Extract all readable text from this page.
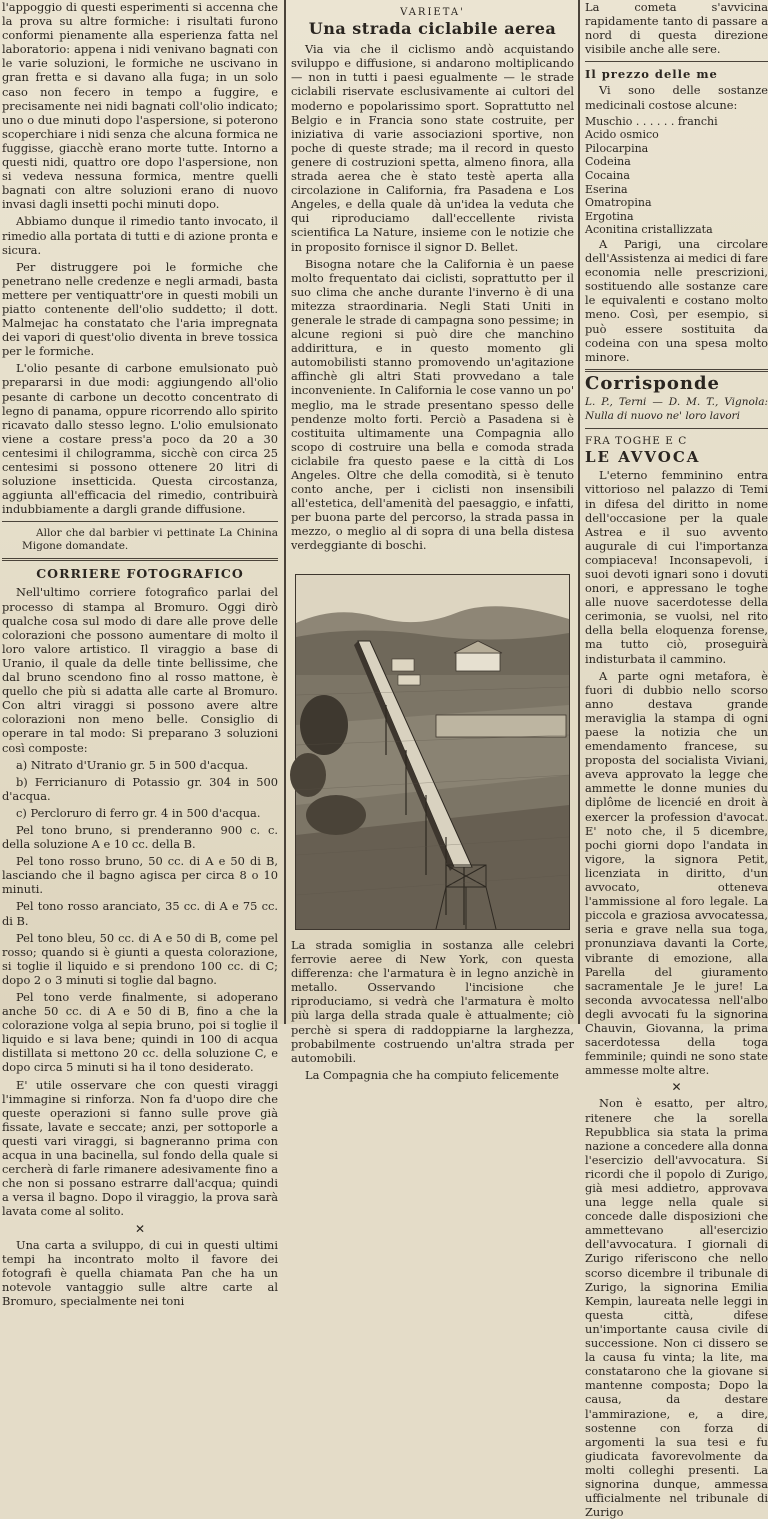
l'appoggio di questi esperimenti si accenna che la prova su altre formiche: i risultati furono conformi pienamente alla esperienza fatta nel laboratorio: appena i nidi venivano bagnati con le varie soluzioni, le formiche ne uscivano in gran fretta e si davano alla fuga; in un solo caso non fecero in tempo a fuggire, e precisamente nei nidi bagnati coll'olio indicato; uno o due minuti dopo l'aspersione, si poterono scoperchiare i nidi senza che alcuna formica ne fuggisse, giacchè erano morte tutte. Intorno a questi nidi, quattro ore dopo l'aspersione, non si vedeva nessuna formica, mentre quelli bagnati con altre soluzioni erano di nuovo invasi dagli insetti pochi minuti dopo.

Abbiamo dunque il rimedio tanto invocato, il rimedio alla portata di tutti e di azione pronta e sicura.

Per distruggere poi le formiche che penetrano nelle credenze e negli armadi, basta mettere per ventiquattr'ore in questi mobili un piatto contenente dell'olio suddetto; il dott. Malmejac ha constatato che l'aria impregnata dei vapori di quest'olio diventa in breve tossica per le formiche.

L'olio pesante di carbone emulsionato può prepararsi in due modi: aggiungendo all'olio pesante di carbone un decotto concentrato di legno di panama, oppure ricorrendo allo spirito ricavato dallo stesso legno. L'olio emulsionato viene a costare press'a poco da 20 a 30 centesimi il chilogramma, sicchè con circa 25 centesimi si possono ottenere 20 litri di soluzione insetticida. Questa circostanza, aggiunta all'efficacia del rimedio, contribuirà indubbiamente a dargli grande diffusione.

Allor che dal barbier vi pettinate La Chinina Migone domandate.

CORRIERE FOTOGRAFICO

Nell'ultimo corriere fotografico parlai del processo di stampa al Bromuro. Oggi dirò qualche cosa sul modo di dare alle prove delle colorazioni che possono aumentare di molto il loro valore artistico. Il viraggio a base di Uranio, il quale da delle tinte bellissime, che dal bruno scendono fino al rosso mattone, è quello che più si adatta alle carte al Bromuro. Con altri viraggi si possono avere altre colorazioni non meno belle. Consiglio di operare in tal modo: Si preparano 3 soluzioni così composte:

a) Nitrato d'Uranio gr. 5 in 500 d'acqua.

b) Ferricianuro di Potassio gr. 304 in 500 d'acqua.

c) Percloruro di ferro gr. 4 in 500 d'acqua.

Pel tono bruno, si prenderanno 900 c. c. della soluzione A e 10 cc. della B.

Pel tono rosso bruno, 50 cc. di A e 50 di B, lasciando che il bagno agisca per circa 8 o 10 minuti.

Pel tono rosso aranciato, 35 cc. di A e 75 cc. di B.

Pel tono bleu, 50 cc. di A e 50 di B, come pel rosso; quando si è giunti a questa colorazione, si toglie il liquido e si prendono 100 cc. di C; dopo 2 o 3 minuti si toglie dal bagno.

Pel tono verde finalmente, si adoperano anche 50 cc. di A e 50 di B, fino a che la colorazione volga al sepia bruno, poi si toglie il liquido e si lava bene; quindi in 100 di acqua distillata si mettono 20 cc. della soluzione C, e dopo circa 5 minuti si ha il tono desiderato.

E' utile osservare che con questi viraggi l'immagine si rinforza. Non fa d'uopo dire che queste operazioni si fanno sulle prove già fissate, lavate e seccate; anzi, per sottoporle a questi vari viraggi, si bagneranno prima con acqua in una bacinella, sul fondo della quale si cercherà di farle rimanere adesivamente fino a che non si possano estrarre dall'acqua; quindi a versa il bagno. Dopo il viraggio, la prova sarà lavata come al solito.

✕

Una carta a sviluppo, di cui in questi ultimi tempi ha incontrato molto il favore dei fotografi è quella chiamata Pan che ha un notevole vantaggio sulle altre carte al Bromuro, specialmente nei toni

VARIETA'
Una strada ciclabile aerea

Via via che il ciclismo andò acquistando sviluppo e diffusione, si andarono moltiplicando — non in tutti i paesi egualmente — le strade ciclabili riservate esclusivamente ai cultori del moderno e popolarissimo sport. Soprattutto nel Belgio e in Francia sono state costruite, per iniziativa di varie associazioni sportive, non poche di queste strade; ma il record in questo genere di costruzioni spetta, almeno finora, alla strada aerea che è stato testè aperta alla circolazione in California, fra Pasadena e Los Angeles, e della quale dà un'idea la veduta che qui riproduciamo dall'eccellente rivista scientifica La Nature, insieme con le notizie che in proposito fornisce il signor D. Bellet.

Bisogna notare che la California è un paese molto frequentato dai ciclisti, soprattutto per il suo clima che anche durante l'inverno è di una mitezza straordinaria. Negli Stati Uniti in generale le strade di campagna sono pessime; in alcune regioni si può dire che manchino addirittura, e in questo momento gli automobilisti stanno promovendo un'agitazione affinchè gli altri Stati provvedano a tale inconveniente. In California le cose vanno un po' meglio, ma le strade presentano spesso delle pendenze molto forti. Perciò a Pasadena si è costituita ultimamente una Compagnia allo scopo di costruire una bella e comoda strada ciclabile fra questo paese e la città di Los Angeles. Oltre che della comodità, si è tenuto conto anche, per i ciclisti non insensibili all'estetica, dell'amenità del paesaggio, e infatti, per buona parte del percorso, la strada passa in mezzo, o meglio al di sopra di una bella distesa verdeggiante di boschi.

La strada somiglia in sostanza alle celebri ferrovie aeree di New York, con questa differenza: che l'armatura è in legno anzichè in metallo. Osservando l'incisione che riproduciamo, si vedrà che l'armatura è molto più larga della strada quale è attualmente; ciò perchè si spera di raddoppiarne la larghezza, probabilmente costruendo un'altra strada per automobili.

La Compagnia che ha compiuto felicemente

La cometa s'avvicina rapidamente tanto di passare a nord di questa direzione visibile anche alle sere.

Il prezzo delle me

Vi sono delle sostanze medicinali costose alcune:

Muschio . . . . . . franchi
Acido osmico
Pilocarpina
Codeina
Cocaina
Eserina
Omatropina
Ergotina
Aconitina cristallizzata

A Parigi, una circolare dell'Assistenza ai medici di fare economia nelle prescrizioni, sostituendo alle sostanze care le equivalenti e costano molto meno. Così, per esempio, si può essere sostituita da codeina con una spesa molto minore.

Corrisponde

L. P., Terni — D. M. T., Vignola: Nulla di nuovo ne' loro lavori

FRA TOGHE E C
LE AVVOCA

L'eterno femminino entra vittorioso nel palazzo di Temi in difesa del diritto in nome dell'occasione per la quale Astrea e il suo avvento augurale di cui l'importanza compiaceva! Inconsapevoli, i suoi devoti ignari sono i dovuti onori, e appressano le toghe alle nuove sacerdotesse della cerimonia, se vuolsi, nel rito della bella eloquenza forense, ma tutto ciò, proseguirà indisturbata il cammino.

A parte ogni metafora, è fuori di dubbio nello scorso anno destava grande meraviglia la stampa di ogni paese la notizia che un emendamento francese, su proposta del socialista Viviani, aveva approvato la legge che ammette le donne munies du diplôme de licencié en droit à exercer la profession d'avocat. E' noto che, il 5 dicembre, pochi giorni dopo l'andata in vigore, la signora Petit, licenziata in diritto, d'un avvocato, otteneva l'ammissione al foro legale. La piccola e graziosa avvocatessa, seria e grave nella sua toga, pronunziava davanti la Corte, vibrante di emozione, alla Parella del giuramento sacramentale Je le jure! La seconda avvocatessa nell'albo degli avvocati fu la signorina Chauvin, Giovanna, la prima sacerdotessa della toga femminile; quindi ne sono state ammesse molte altre.

✕

Non è esatto, per altro, ritenere che la sorella Repubblica sia stata la prima nazione a concedere alla donna l'esercizio dell'avvocatura. Si ricordi che il popolo di Zurigo, già mesi addietro, approvava una legge nella quale si concede dalle disposizioni che ammettevano all'esercizio dell'avvocatura. I giornali di Zurigo riferiscono che nello scorso dicembre il tribunale di Zurigo, la signorina Emilia Kempin, laureata nelle leggi in questa città, difese un'importante causa civile di successione. Non ci dissero se la causa fu vinta; la lite, ma constatarono che la giovane si mantenne composta; Dopo la causa, da destare l'ammirazione, e, a dire, sostenne con forza di argomenti la sua tesi e fu giudicata favorevolmente da molti colleghi presenti. La signorina dunque, ammessa ufficialmente nel tribunale di Zurigo
